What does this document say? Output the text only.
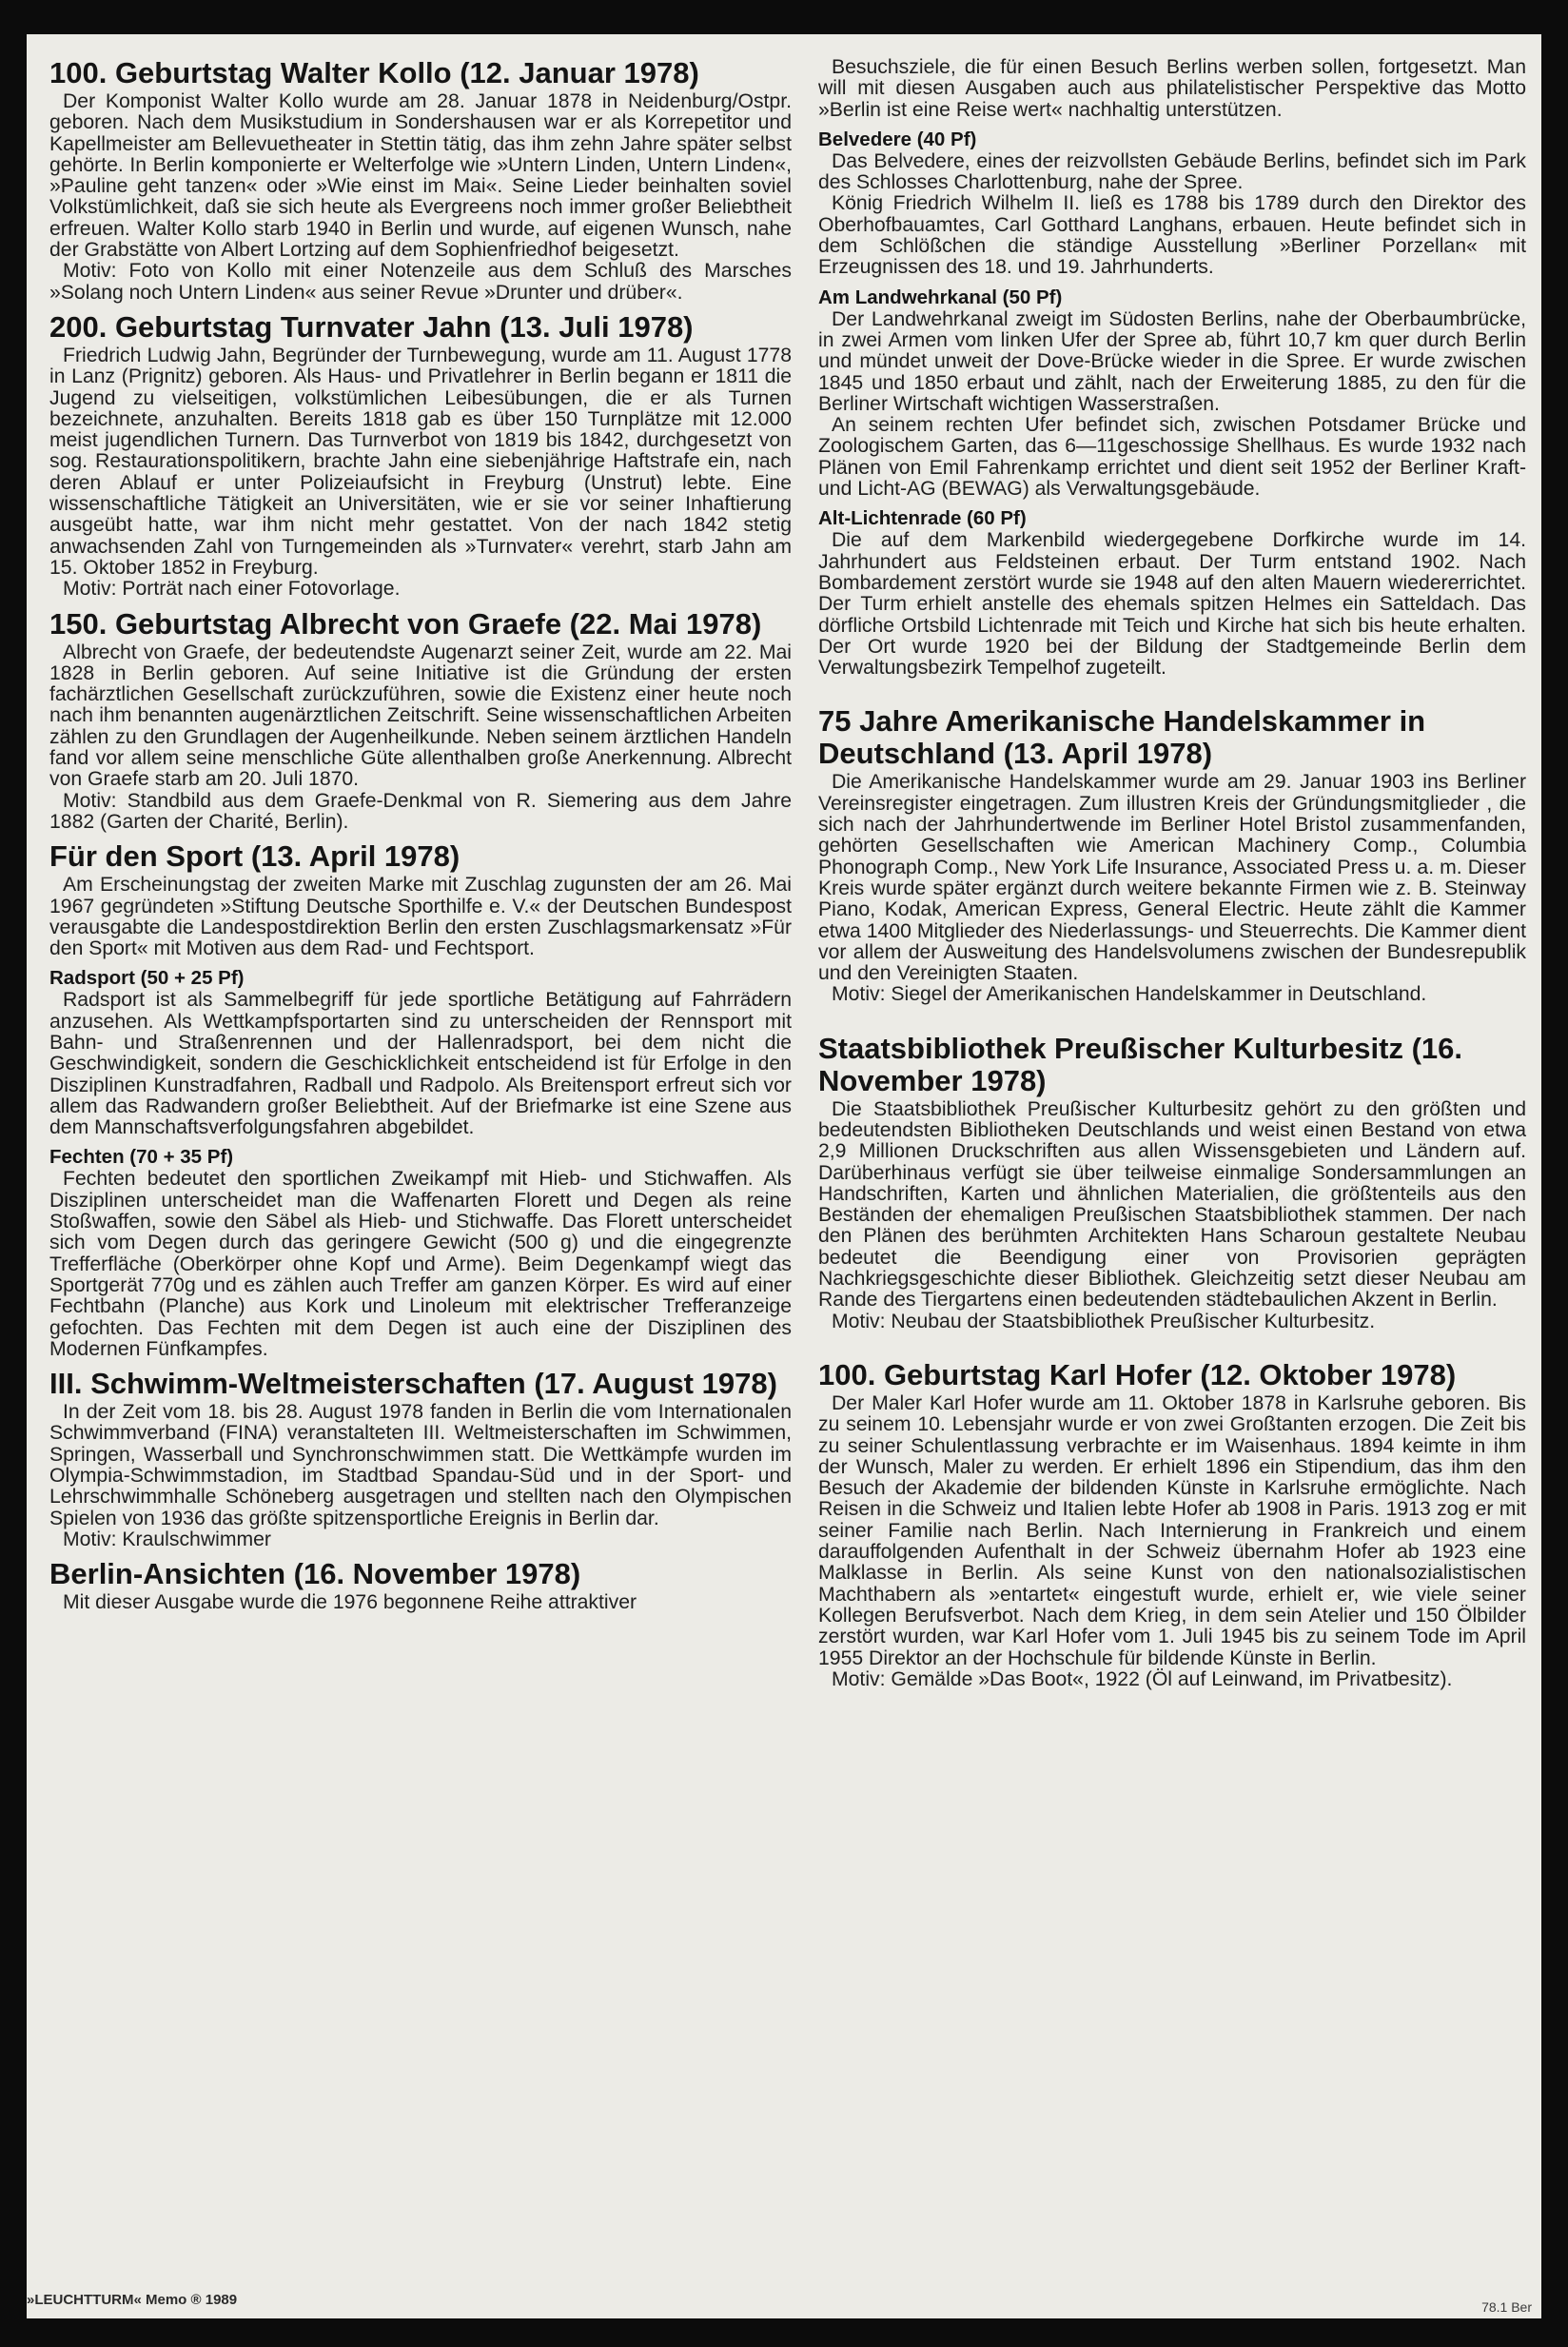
100. Geburtstag Walter Kollo (12. Januar 1978)

Der Komponist Walter Kollo wurde am 28. Januar 1878 in Neidenburg/Ostpr. geboren. Nach dem Musikstudium in Sondershausen war er als Korrepetitor und Kapellmeister am Bellevuetheater in Stettin tätig, das ihm zehn Jahre später selbst gehörte. In Berlin komponierte er Welterfolge wie »Untern Linden, Untern Linden«, »Pauline geht tanzen« oder »Wie einst im Mai«. Seine Lieder beinhalten soviel Volkstümlichkeit, daß sie sich heute als Evergreens noch immer großer Beliebtheit erfreuen. Walter Kollo starb 1940 in Berlin und wurde, auf eigenen Wunsch, nahe der Grabstätte von Albert Lortzing auf dem Sophienfriedhof beigesetzt.

Motiv: Foto von Kollo mit einer Notenzeile aus dem Schluß des Marsches »Solang noch Untern Linden« aus seiner Revue »Drunter und drüber«.

200. Geburtstag Turnvater Jahn (13. Juli 1978)

Friedrich Ludwig Jahn, Begründer der Turnbewegung, wurde am 11. August 1778 in Lanz (Prignitz) geboren. Als Haus- und Privatlehrer in Berlin begann er 1811 die Jugend zu vielseitigen, volkstümlichen Leibesübungen, die er als Turnen bezeichnete, anzuhalten. Bereits 1818 gab es über 150 Turnplätze mit 12.000 meist jugendlichen Turnern. Das Turnverbot von 1819 bis 1842, durchgesetzt von sog. Restaurationspolitikern, brachte Jahn eine siebenjährige Haftstrafe ein, nach deren Ablauf er unter Polizeiaufsicht in Freyburg (Unstrut) lebte. Eine wissenschaftliche Tätigkeit an Universitäten, wie er sie vor seiner Inhaftierung ausgeübt hatte, war ihm nicht mehr gestattet. Von der nach 1842 stetig anwachsenden Zahl von Turngemeinden als »Turnvater« verehrt, starb Jahn am 15. Oktober 1852 in Freyburg.

Motiv: Porträt nach einer Fotovorlage.

150. Geburtstag Albrecht von Graefe (22. Mai 1978)

Albrecht von Graefe, der bedeutendste Augenarzt seiner Zeit, wurde am 22. Mai 1828 in Berlin geboren. Auf seine Initiative ist die Gründung der ersten fachärztlichen Gesellschaft zurückzuführen, sowie die Existenz einer heute noch nach ihm benannten augenärztlichen Zeitschrift. Seine wissenschaftlichen Arbeiten zählen zu den Grundlagen der Augenheilkunde. Neben seinem ärztlichen Handeln fand vor allem seine menschliche Güte allenthalben große Anerkennung. Albrecht von Graefe starb am 20. Juli 1870.

Motiv: Standbild aus dem Graefe-Denkmal von R. Siemering aus dem Jahre 1882 (Garten der Charité, Berlin).

Für den Sport (13. April 1978)

Am Erscheinungstag der zweiten Marke mit Zuschlag zugunsten der am 26. Mai 1967 gegründeten »Stiftung Deutsche Sporthilfe e. V.« der Deutschen Bundespost verausgabte die Landespostdirektion Berlin den ersten Zuschlagsmarkensatz »Für den Sport« mit Motiven aus dem Rad- und Fechtsport.

Radsport (50 + 25 Pf)

Radsport ist als Sammelbegriff für jede sportliche Betätigung auf Fahrrädern anzusehen. Als Wettkampfsportarten sind zu unterscheiden der Rennsport mit Bahn- und Straßenrennen und der Hallenradsport, bei dem nicht die Geschwindigkeit, sondern die Geschicklichkeit entscheidend ist für Erfolge in den Disziplinen Kunstradfahren, Radball und Radpolo. Als Breitensport erfreut sich vor allem das Radwandern großer Beliebtheit. Auf der Briefmarke ist eine Szene aus dem Mannschaftsverfolgungsfahren abgebildet.

Fechten (70 + 35 Pf)

Fechten bedeutet den sportlichen Zweikampf mit Hieb- und Stichwaffen. Als Disziplinen unterscheidet man die Waffenarten Florett und Degen als reine Stoßwaffen, sowie den Säbel als Hieb- und Stichwaffe. Das Florett unterscheidet sich vom Degen durch das geringere Gewicht (500 g) und die eingegrenzte Trefferfläche (Oberkörper ohne Kopf und Arme). Beim Degenkampf wiegt das Sportgerät 770g und es zählen auch Treffer am ganzen Körper. Es wird auf einer Fechtbahn (Planche) aus Kork und Linoleum mit elektrischer Trefferanzeige gefochten. Das Fechten mit dem Degen ist auch eine der Disziplinen des Modernen Fünfkampfes.

III. Schwimm-Weltmeisterschaften (17. August 1978)

In der Zeit vom 18. bis 28. August 1978 fanden in Berlin die vom Internationalen Schwimmverband (FINA) veranstalteten III. Weltmeisterschaften im Schwimmen, Springen, Wasserball und Synchronschwimmen statt. Die Wettkämpfe wurden im Olympia-Schwimmstadion, im Stadtbad Spandau-Süd und in der Sport- und Lehrschwimmhalle Schöneberg ausgetragen und stellten nach den Olympischen Spielen von 1936 das größte spitzensportliche Ereignis in Berlin dar.

Motiv: Kraulschwimmer

Berlin-Ansichten (16. November 1978)

Mit dieser Ausgabe wurde die 1976 begonnene Reihe attraktiver

Besuchsziele, die für einen Besuch Berlins werben sollen, fortgesetzt. Man will mit diesen Ausgaben auch aus philatelistischer Perspektive das Motto »Berlin ist eine Reise wert« nachhaltig unterstützen.

Belvedere (40 Pf)

Das Belvedere, eines der reizvollsten Gebäude Berlins, befindet sich im Park des Schlosses Charlottenburg, nahe der Spree.

König Friedrich Wilhelm II. ließ es 1788 bis 1789 durch den Direktor des Oberhofbauamtes, Carl Gotthard Langhans, erbauen. Heute befindet sich in dem Schlößchen die ständige Ausstellung »Berliner Porzellan« mit Erzeugnissen des 18. und 19. Jahrhunderts.

Am Landwehrkanal (50 Pf)

Der Landwehrkanal zweigt im Südosten Berlins, nahe der Oberbaumbrücke, in zwei Armen vom linken Ufer der Spree ab, führt 10,7 km quer durch Berlin und mündet unweit der Dove-Brücke wieder in die Spree. Er wurde zwischen 1845 und 1850 erbaut und zählt, nach der Erweiterung 1885, zu den für die Berliner Wirtschaft wichtigen Wasserstraßen.

An seinem rechten Ufer befindet sich, zwischen Potsdamer Brücke und Zoologischem Garten, das 6—11geschossige Shellhaus. Es wurde 1932 nach Plänen von Emil Fahrenkamp errichtet und dient seit 1952 der Berliner Kraft- und Licht-AG (BEWAG) als Verwaltungsgebäude.

Alt-Lichtenrade (60 Pf)

Die auf dem Markenbild wiedergegebene Dorfkirche wurde im 14. Jahrhundert aus Feldsteinen erbaut. Der Turm entstand 1902. Nach Bombardement zerstört wurde sie 1948 auf den alten Mauern wiedererrichtet. Der Turm erhielt anstelle des ehemals spitzen Helmes ein Satteldach. Das dörfliche Ortsbild Lichtenrade mit Teich und Kirche hat sich bis heute erhalten. Der Ort wurde 1920 bei der Bildung der Stadtgemeinde Berlin dem Verwaltungsbezirk Tempelhof zugeteilt.

75 Jahre Amerikanische Handelskammer in Deutschland (13. April 1978)

Die Amerikanische Handelskammer wurde am 29. Januar 1903 ins Berliner Vereinsregister eingetragen. Zum illustren Kreis der Gründungsmitglieder , die sich nach der Jahrhundertwende im Berliner Hotel Bristol zusammenfanden, gehörten Gesellschaften wie American Machinery Comp., Columbia Phonograph Comp., New York Life Insurance, Associated Press u. a. m. Dieser Kreis wurde später ergänzt durch weitere bekannte Firmen wie z. B. Steinway Piano, Kodak, American Express, General Electric. Heute zählt die Kammer etwa 1400 Mitglieder des Niederlassungs- und Steuerrechts. Die Kammer dient vor allem der Ausweitung des Handelsvolumens zwischen der Bundesrepublik und den Vereinigten Staaten.

Motiv: Siegel der Amerikanischen Handelskammer in Deutschland.

Staatsbibliothek Preußischer Kulturbesitz (16. November 1978)

Die Staatsbibliothek Preußischer Kulturbesitz gehört zu den größten und bedeutendsten Bibliotheken Deutschlands und weist einen Bestand von etwa 2,9 Millionen Druckschriften aus allen Wissensgebieten und Ländern auf. Darüberhinaus verfügt sie über teilweise einmalige Sondersammlungen an Handschriften, Karten und ähnlichen Materialien, die größtenteils aus den Beständen der ehemaligen Preußischen Staatsbibliothek stammen. Der nach den Plänen des berühmten Architekten Hans Scharoun gestaltete Neubau bedeutet die Beendigung einer von Provisorien geprägten Nachkriegsgeschichte dieser Bibliothek. Gleichzeitig setzt dieser Neubau am Rande des Tiergartens einen bedeutenden städtebaulichen Akzent in Berlin.

Motiv: Neubau der Staatsbibliothek Preußischer Kulturbesitz.

100. Geburtstag Karl Hofer (12. Oktober 1978)

Der Maler Karl Hofer wurde am 11. Oktober 1878 in Karlsruhe geboren. Bis zu seinem 10. Lebensjahr wurde er von zwei Großtanten erzogen. Die Zeit bis zu seiner Schulentlassung verbrachte er im Waisenhaus. 1894 keimte in ihm der Wunsch, Maler zu werden. Er erhielt 1896 ein Stipendium, das ihm den Besuch der Akademie der bildenden Künste in Karlsruhe ermöglichte. Nach Reisen in die Schweiz und Italien lebte Hofer ab 1908 in Paris. 1913 zog er mit seiner Familie nach Berlin. Nach Internierung in Frankreich und einem darauffolgenden Aufenthalt in der Schweiz übernahm Hofer ab 1923 eine Malklasse in Berlin. Als seine Kunst von den nationalsozialistischen Machthabern als »entartet« eingestuft wurde, erhielt er, wie viele seiner Kollegen Berufsverbot. Nach dem Krieg, in dem sein Atelier und 150 Ölbilder zerstört wurden, war Karl Hofer vom 1. Juli 1945 bis zu seinem Tode im April 1955 Direktor an der Hochschule für bildende Künste in Berlin.

Motiv: Gemälde »Das Boot«, 1922 (Öl auf Leinwand, im Privatbesitz).

»LEUCHTTURM« Memo ® 1989	78.1 Ber
